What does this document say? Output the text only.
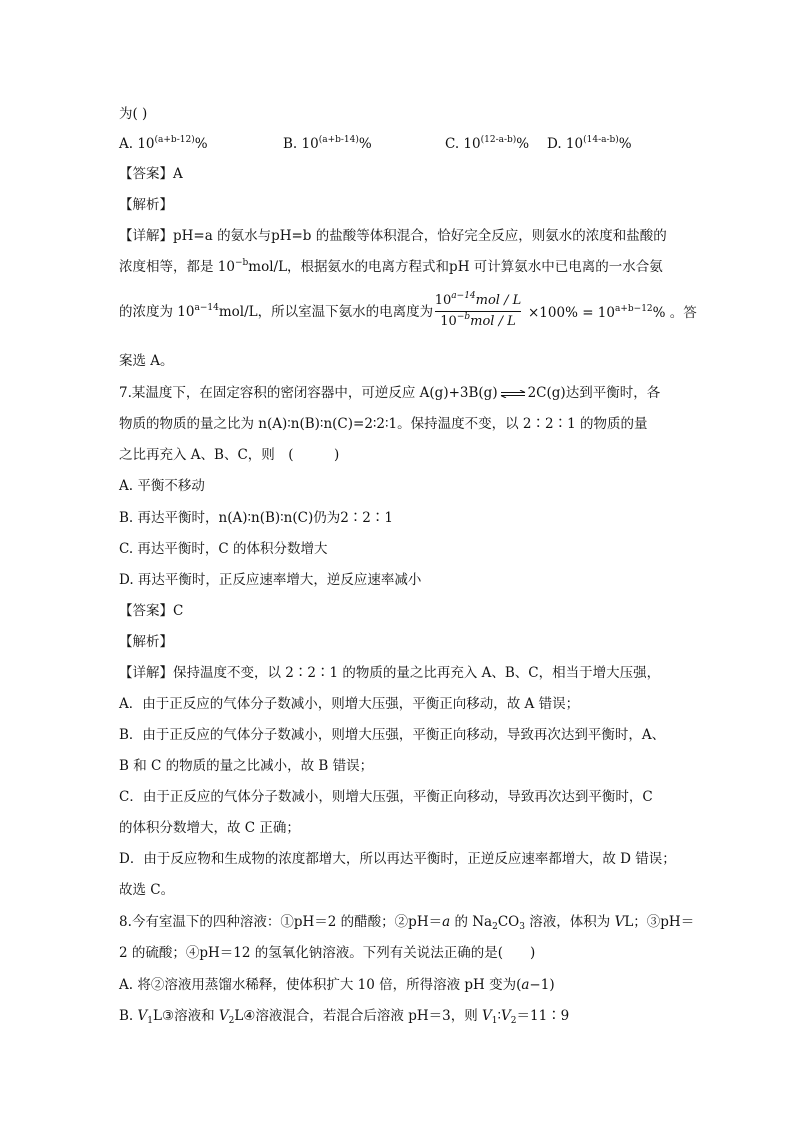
为( )
A. $10^{(a+b-12)}\%$	B. $10^{(a+b-14)}\%$	C. 10$^{(12-a-b)}$% D. 10$^{(14-a-b)}$%
【答案】A
【解析】
【详解】pH=a 的氨水与pH=b 的盐酸等体积混合，恰好完全反应，则氨水的浓度和盐酸的
浓度相等，都是 $10^{-b}mol/L$，根据氨水的电离方程式和pH 可计算氨水中已电离的一水合氨
的浓度为 $10^{a-14}mol/L$，所以室温下氨水的电离度为
$10^{a-14}mol$ / L
$10^{-b}mol$ / L
$\times 100\% = 10^{a+b-12}\%$ 。答
案选 A。
7.某温度下，在固定容积的密闭容器中，可逆反应 A(g)+3B(g) ⇌ 2C(g)达到平衡时，各
物质的物质的量之比为 n(A)∶n(B)∶n(C)=2∶2∶1。保持温度不变，以 2∶2∶1 的物质的量
之比再充入 A、B、C，则　(　　　)
A. 平衡不移动
B. 再达平衡时，n(A)∶n(B)∶n(C)仍为2∶2∶1
C. 再达平衡时，C 的体积分数增大
D. 再达平衡时，正反应速率增大，逆反应速率减小
【答案】C
【解析】
【详解】保持温度不变，以 2∶2∶1 的物质的量之比再充入 A、B、C，相当于增大压强，
A．由于正反应的气体分子数减小，则增大压强，平衡正向移动，故 A 错误；
B．由于正反应的气体分子数减小，则增大压强，平衡正向移动，导致再次达到平衡时，A、
B 和 C 的物质的量之比减小，故 B 错误；
C．由于正反应的气体分子数减小，则增大压强，平衡正向移动，导致再次达到平衡时，C
的体积分数增大，故 C 正确；
D．由于反应物和生成物的浓度都增大，所以再达平衡时，正逆反应速率都增大，故 D 错误；
故选 C。
8.今有室温下的四种溶液：①pH＝2 的醋酸；②pH＝a 的 $Na_2CO_3$ 溶液，体积为 VL；③pH＝
2 的硫酸；④pH＝12 的氢氧化钠溶液。下列有关说法正确的是(　　)
A. 将②溶液用蒸馏水稀释，使体积扩大 10 倍，所得溶液 pH 变为(a−1)
B. $V_1L③$溶液和 $V_2L④$溶液混合，若混合后溶液 pH＝3，则 $V_1∶V_2=11∶9$
